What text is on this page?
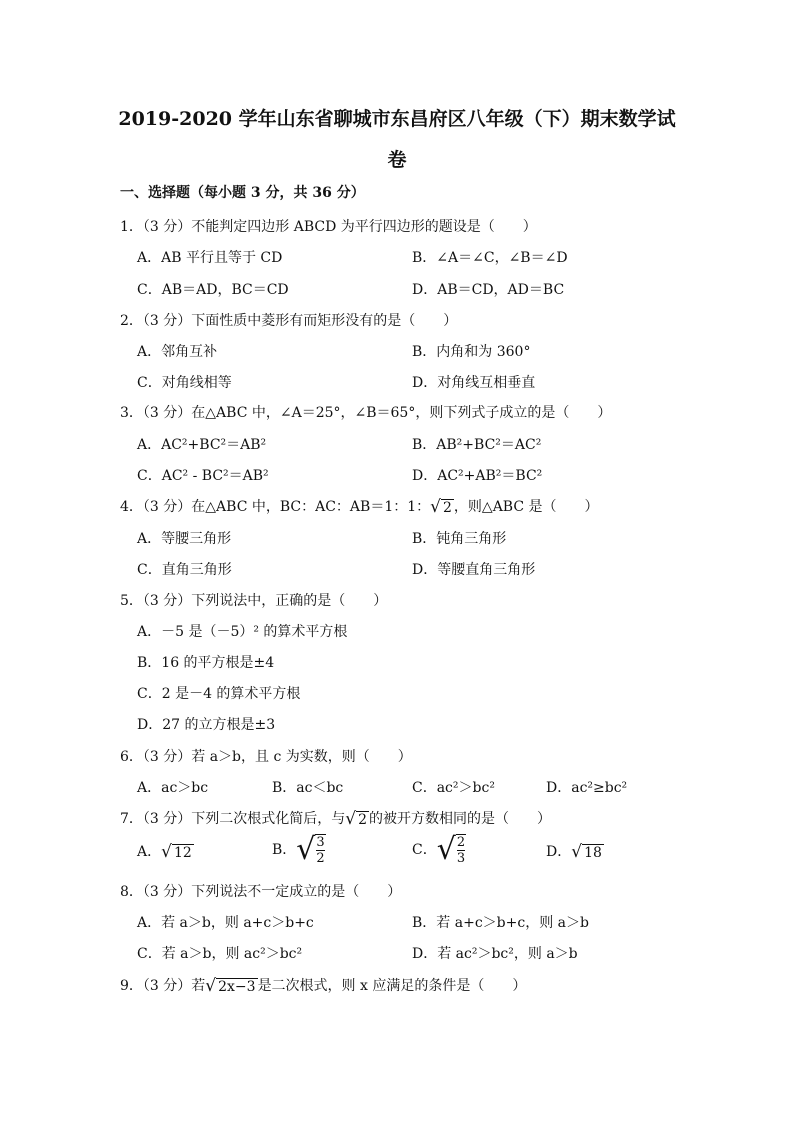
2019-2020 学年山东省聊城市东昌府区八年级（下）期末数学试

卷

一、选择题（每小题 3 分，共 36 分）

1．（3 分）不能判定四边形 ABCD 为平行四边形的题设是（　　）
A．AB 平行且等于 CD	B．∠A＝∠C，∠B＝∠D
C．AB＝AD，BC＝CD	D．AB＝CD，AD＝BC
2．（3 分）下面性质中菱形有而矩形没有的是（　　）
A．邻角互补	B．内角和为 360°
C．对角线相等	D．对角线互相垂直
3．（3 分）在△ABC 中，∠A＝25°，∠B＝65°，则下列式子成立的是（　　）
A．AC²+BC²＝AB²	B．AB²+BC²＝AC²
C．AC² - BC²＝AB²	D．AC²+AB²＝BC²
4．（3 分）在△ABC 中，BC：AC：AB＝1：1：√ 2 ，则△ABC 是（　　）
A．等腰三角形	B．钝角三角形
C．直角三角形	D．等腰直角三角形
5．（3 分）下列说法中，正确的是（　　）
A．－5 是（－5）² 的算术平方根
B．16 的平方根是±4
C．2 是－4 的算术平方根
D．27 的立方根是±3
6．（3 分）若 a＞b，且 c 为实数，则（　　）
A．ac＞bc	B．ac＜bc	C．ac²＞bc²	D．ac²≥bc²
7．（3 分）下列二次根式化简后，与√ 2 的被开方数相同的是（　　）
A．√ 12	B．√ $\frac{3}{2}$	C．√ $\frac{2}{3}$	D．√ 18
8．（3 分）下列说法不一定成立的是（　　）
A．若 a＞b，则 a+c＞b+c	B．若 a+c＞b+c，则 a＞b
C．若 a＞b，则 ac²＞bc²	D．若 ac²＞bc²，则 a＞b
9．（3 分）若√ 2x−3 是二次根式，则 x 应满足的条件是（　　）
